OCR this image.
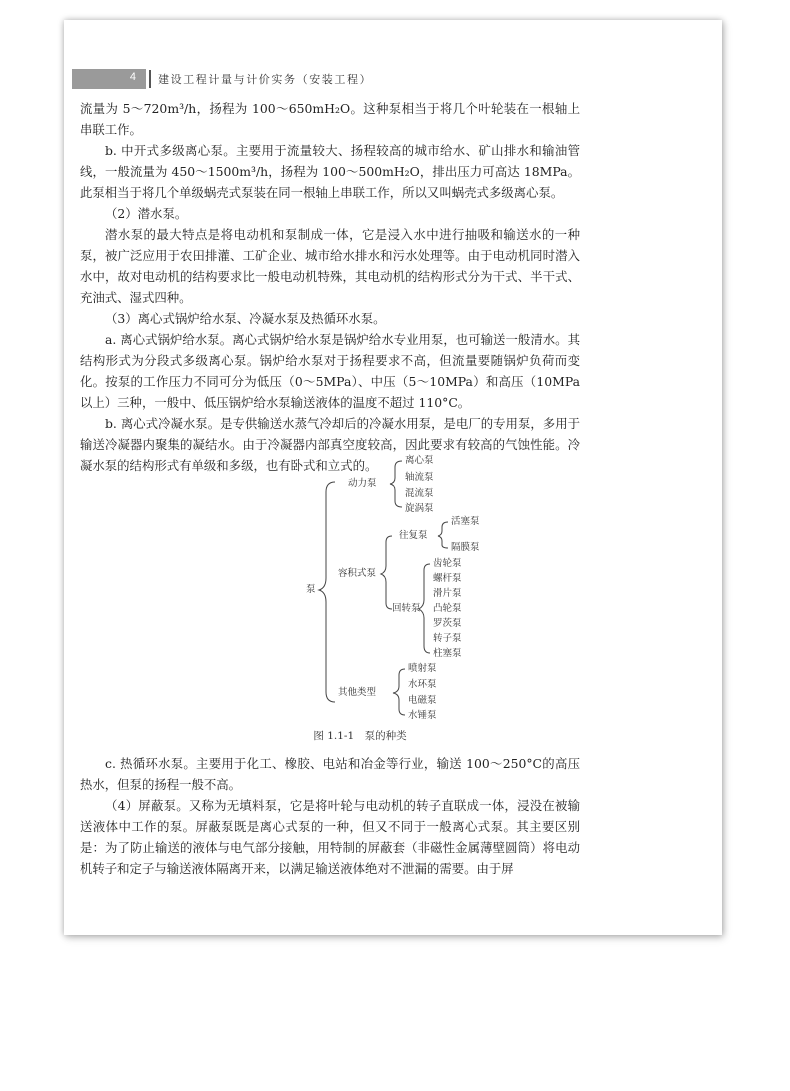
4 建设工程计量与计价实务（安装工程）

流量为 5～720m³/h，扬程为 100～650mH₂O。这种泵相当于将几个叶轮装在一根轴上串联工作。

b. 中开式多级离心泵。主要用于流量较大、扬程较高的城市给水、矿山排水和输油管线，一般流量为 450～1500m³/h，扬程为 100～500mH₂O，排出压力可高达 18MPa。此泵相当于将几个单级蜗壳式泵装在同一根轴上串联工作，所以又叫蜗壳式多级离心泵。

（2）潜水泵。

潜水泵的最大特点是将电动机和泵制成一体，它是浸入水中进行抽吸和输送水的一种泵，被广泛应用于农田排灌、工矿企业、城市给水排水和污水处理等。由于电动机同时潜入水中，故对电动机的结构要求比一般电动机特殊，其电动机的结构形式分为干式、半干式、充油式、湿式四种。

（3）离心式锅炉给水泵、冷凝水泵及热循环水泵。

a. 离心式锅炉给水泵。离心式锅炉给水泵是锅炉给水专业用泵，也可输送一般清水。其结构形式为分段式多级离心泵。锅炉给水泵对于扬程要求不高，但流量要随锅炉负荷而变化。按泵的工作压力不同可分为低压（0～5MPa）、中压（5～10MPa）和高压（10MPa 以上）三种，一般中、低压锅炉给水泵输送液体的温度不超过 110°C。

b. 离心式冷凝水泵。是专供输送水蒸气冷却后的冷凝水用泵，是电厂的专用泵，多用于输送冷凝器内聚集的凝结水。由于冷凝器内部真空度较高，因此要求有较高的气蚀性能。冷凝水泵的结构形式有单级和多级，也有卧式和立式的。

泵
动力泵
离心泵
轴流泵
混流泵
旋涡泵
容积式泵
往复泵
活塞泵
隔膜泵
回转泵
齿轮泵
螺杆泵
滑片泵
凸轮泵
罗茨泵
转子泵
柱塞泵
其他类型
喷射泵
水环泵
电磁泵
水锤泵
图 1.1-1　泵的种类

c. 热循环水泵。主要用于化工、橡胶、电站和冶金等行业，输送 100～250°C的高压热水，但泵的扬程一般不高。

（4）屏蔽泵。又称为无填料泵，它是将叶轮与电动机的转子直联成一体，浸没在被输送液体中工作的泵。屏蔽泵既是离心式泵的一种，但又不同于一般离心式泵。其主要区别是：为了防止输送的液体与电气部分接触，用特制的屏蔽套（非磁性金属薄壁圆筒）将电动机转子和定子与输送液体隔离开来，以满足输送液体绝对不泄漏的需要。由于屏
